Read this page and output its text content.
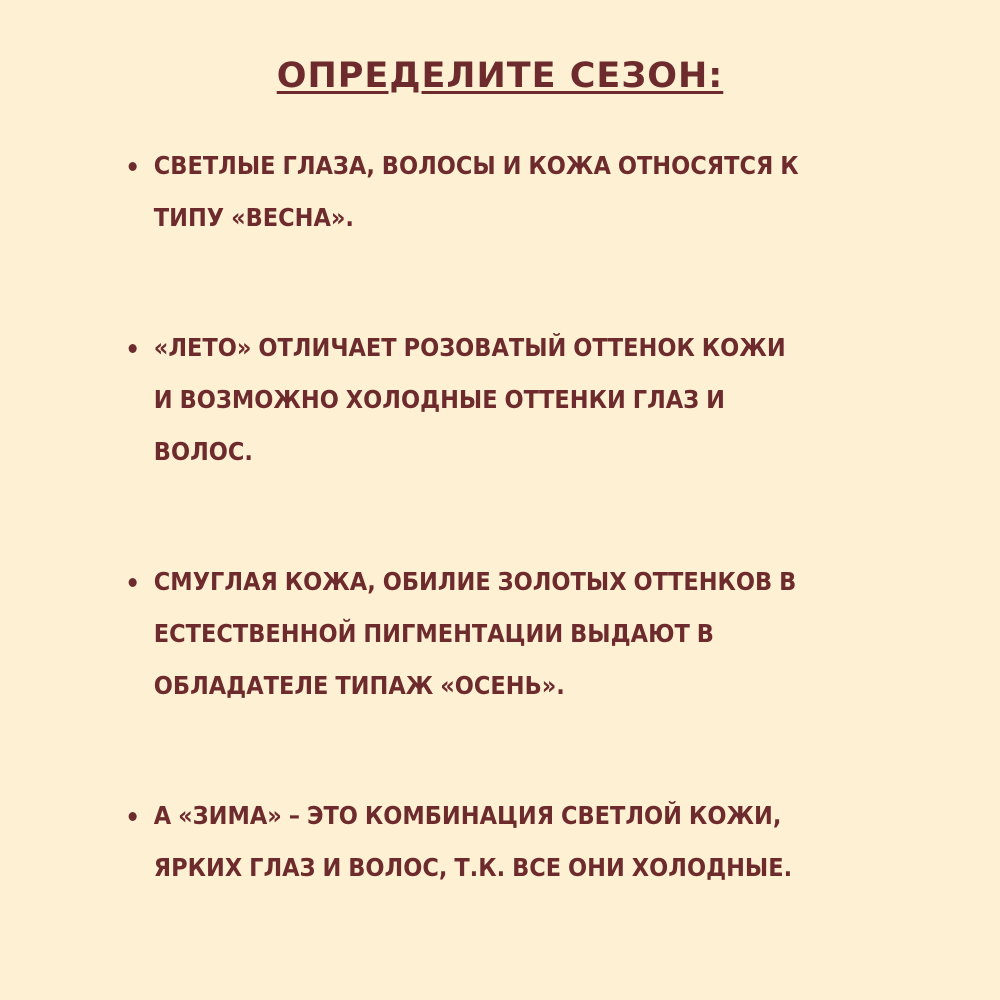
ОПРЕДЕЛИТЕ СЕЗОН:
СВЕТЛЫЕ ГЛАЗА, ВОЛОСЫ И КОЖА ОТНОСЯТСЯ К ТИПУ «ВЕСНА».
«ЛЕТО» ОТЛИЧАЕТ РОЗОВАТЫЙ ОТТЕНОК КОЖИ И ВОЗМОЖНО ХОЛОДНЫЕ ОТТЕНКИ ГЛАЗ И ВОЛОС.
СМУГЛАЯ КОЖА, ОБИЛИЕ ЗОЛОТЫХ ОТТЕНКОВ В ЕСТЕСТВЕННОЙ ПИГМЕНТАЦИИ ВЫДАЮТ В ОБЛАДАТЕЛЕ ТИПАЖ «ОСЕНЬ».
А «ЗИМА» – ЭТО КОМБИНАЦИЯ СВЕТЛОЙ КОЖИ, ЯРКИХ ГЛАЗ И ВОЛОС, Т.К. ВСЕ ОНИ ХОЛОДНЫЕ.
